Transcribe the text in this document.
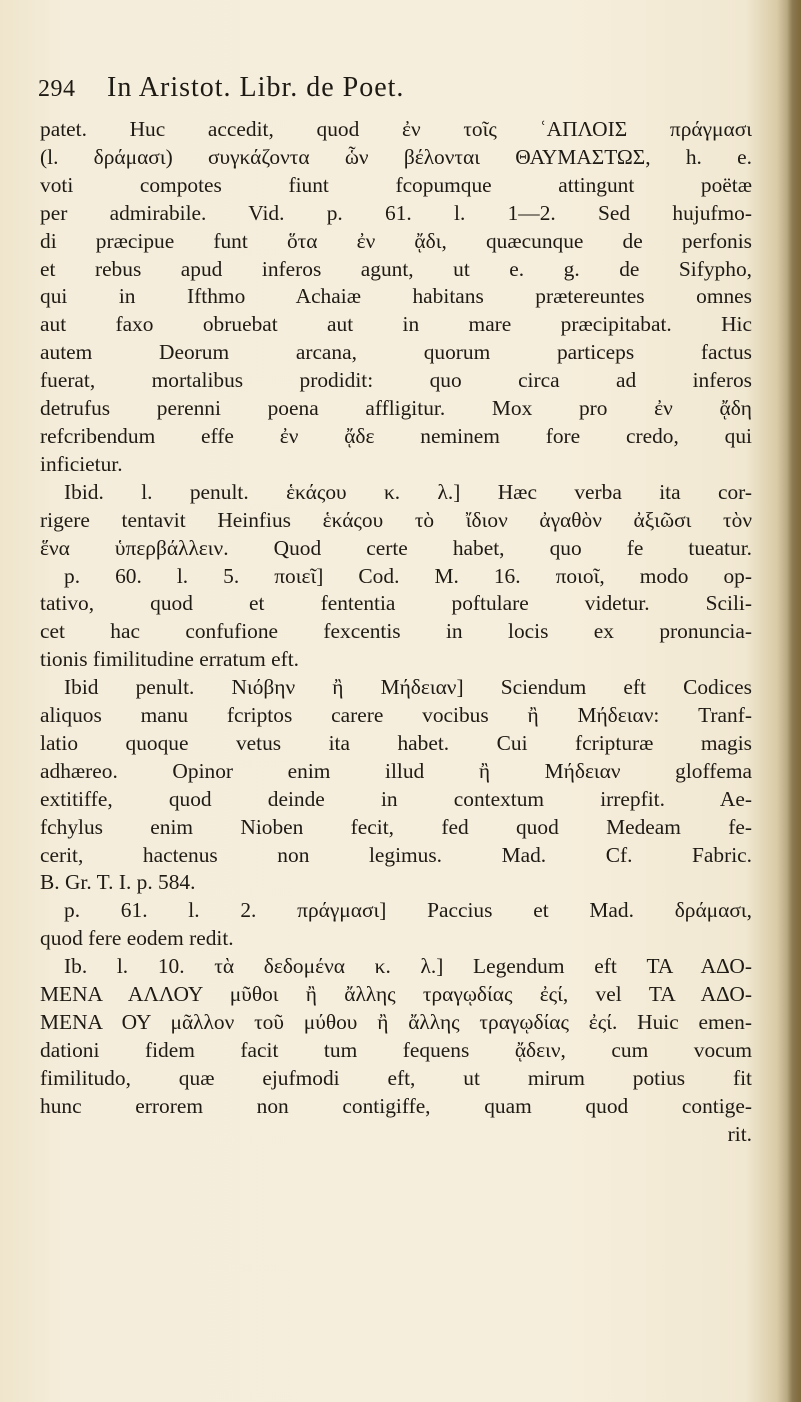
294 In Aristot. Libr. de Poet.
patet. Huc accedit, quod ἐν τοῖς ʿΑΠΛΟΙΣ πράγμασι
(l. δράμασι) συγκάζοντα ὧν βέλονται ΘΑΥΜΑΣΤΩΣ, h. e.
voti compotes fiunt fcopumque attingunt poëtæ
per admirabile. Vid. p. 61. l. 1—2. Sed hujufmo-
di præcipue funt ὅτα ἐν ᾄδι, quæcunque de perfonis
et rebus apud inferos agunt, ut e. g. de Sifypho,
qui in Ifthmo Achaiæ habitans prætereuntes omnes
aut faxo obruebat aut in mare præcipitabat. Hic
autem Deorum arcana, quorum particeps factus
fuerat, mortalibus prodidit: quo circa ad inferos
detrufus perenni poena affligitur. Mox pro ἐν ᾄδη
refcribendum effe ἐν ᾄδε neminem fore credo, qui
inficietur.
Ibid. l. penult. ἑκάςου κ. λ.] Hæc verba ita cor-
rigere tentavit Heinfius ἑκάςου τὸ ἴδιον ἀγαθὸν ἀξιῶσι τὸν
ἕνα ὑπερβάλλειν. Quod certe habet, quo fe tueatur.
p. 60. l. 5. ποιεῖ] Cod. M. 16. ποιοῖ, modo op-
tativo, quod et fententia poftulare videtur. Scili-
cet hac confufione fexcentis in locis ex pronuncia-
tionis fimilitudine erratum eft.
Ibid penult. Νιόβην ἢ Μήδειαν] Sciendum eft Codices
aliquos manu fcriptos carere vocibus ἢ Μήδειαν: Tranf-
latio quoque vetus ita habet. Cui fcripturæ magis
adhæreo. Opinor enim illud ἢ Μήδειαν gloffema
extitiffe, quod deinde in contextum irrepfit. Ae-
fchylus enim Nioben fecit, fed quod Medeam fe-
cerit, hactenus non legimus. Mad. Cf. Fabric.
B. Gr. T. I. p. 584.
p. 61. l. 2. πράγμασι] Paccius et Mad. δράμασι,
quod fere eodem redit.
Ib. l. 10. τὰ δεδομένα κ. λ.] Legendum eft ΤΑ ΑΔΟ-
ΜΕΝΑ ΑΛΛΟΥ μῦθοι ἢ ἄλλης τραγῳδίας ἐςί, vel ΤΑ ΑΔΟ-
ΜΕΝΑ ΟΥ μᾶλλον τοῦ μύθου ἢ ἄλλης τραγῳδίας ἐςί. Huic emen-
dationi fidem facit tum fequens ᾄδειν, cum vocum
fimilitudo, quæ ejufmodi eft, ut mirum potius fit
hunc errorem non contigiffe, quam quod contige-
rit.
